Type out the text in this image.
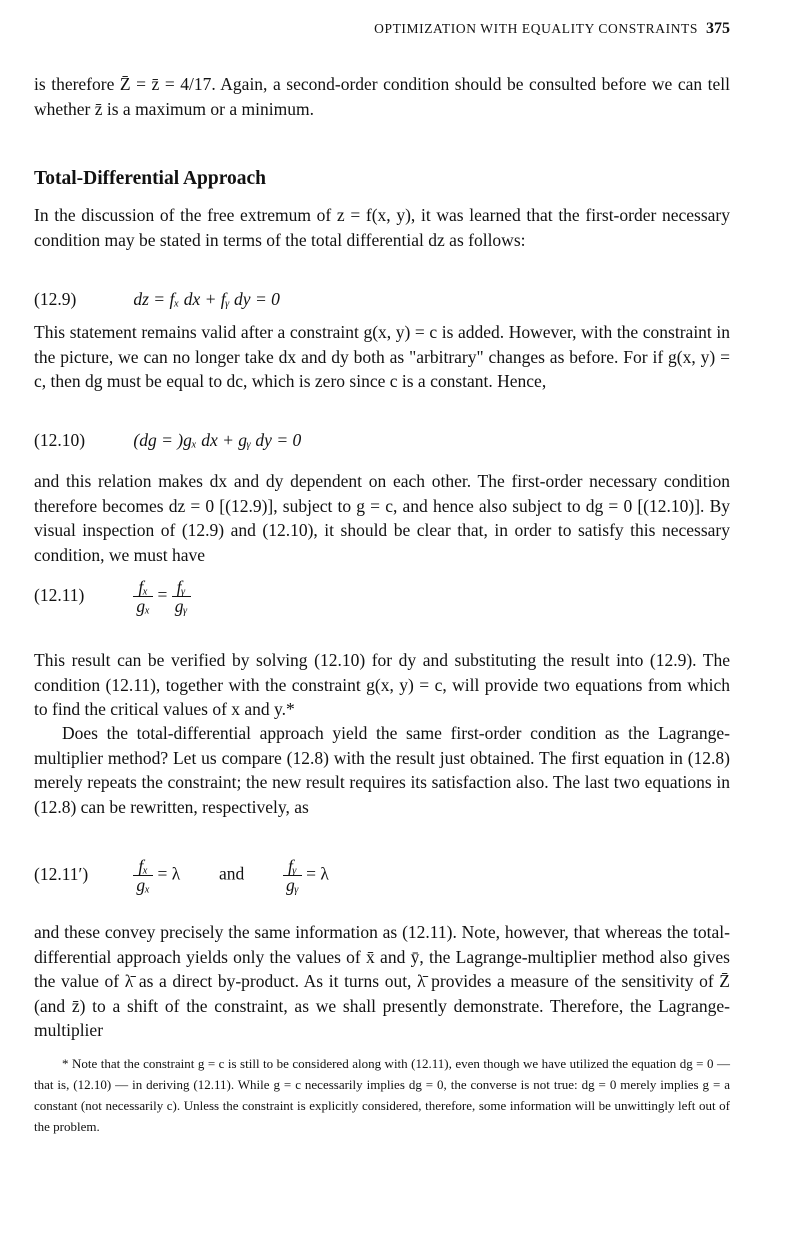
OPTIMIZATION WITH EQUALITY CONSTRAINTS 375
is therefore Z̄ = z̄ = 4/17. Again, a second-order condition should be consulted before we can tell whether z̄ is a maximum or a minimum.
Total-Differential Approach
In the discussion of the free extremum of z = f(x, y), it was learned that the first-order necessary condition may be stated in terms of the total differential dz as follows:
(12.9)	dz = fₓ dx + fᵧ dy = 0
This statement remains valid after a constraint g(x, y) = c is added. However, with the constraint in the picture, we can no longer take dx and dy both as "arbitrary" changes as before. For if g(x, y) = c, then dg must be equal to dc, which is zero since c is a constant. Hence,
(12.10)	(dg = )gₓ dx + gᵧ dy = 0
and this relation makes dx and dy dependent on each other. The first-order necessary condition therefore becomes dz = 0 [(12.9)], subject to g = c, and hence also subject to dg = 0 [(12.10)]. By visual inspection of (12.9) and (12.10), it should be clear that, in order to satisfy this necessary condition, we must have
(12.11)	$\frac{\text{fₓ}}{\text{gₓ}} = \frac{\text{fᵧ}}{\text{gᵧ}}$
This result can be verified by solving (12.10) for dy and substituting the result into (12.9). The condition (12.11), together with the constraint g(x, y) = c, will provide two equations from which to find the critical values of x and y.*
Does the total-differential approach yield the same first-order condition as the Lagrange-multiplier method? Let us compare (12.8) with the result just obtained. The first equation in (12.8) merely repeats the constraint; the new result requires its satisfaction also. The last two equations in (12.8) can be rewritten, respectively, as
(12.11′)	$\frac{\text{fₓ}}{\text{gₓ}} = \lambda$ and $\frac{\text{fᵧ}}{\text{gᵧ}} = \lambda$
and these convey precisely the same information as (12.11). Note, however, that whereas the total-differential approach yields only the values of x̄ and ȳ, the Lagrange-multiplier method also gives the value of λ̄ as a direct by-product. As it turns out, λ̄ provides a measure of the sensitivity of Z̄ (and z̄) to a shift of the constraint, as we shall presently demonstrate. Therefore, the Lagrange-multiplier
* Note that the constraint g = c is still to be considered along with (12.11), even though we have utilized the equation dg = 0 — that is, (12.10) — in deriving (12.11). While g = c necessarily implies dg = 0, the converse is not true: dg = 0 merely implies g = a constant (not necessarily c). Unless the constraint is explicitly considered, therefore, some information will be unwittingly left out of the problem.
